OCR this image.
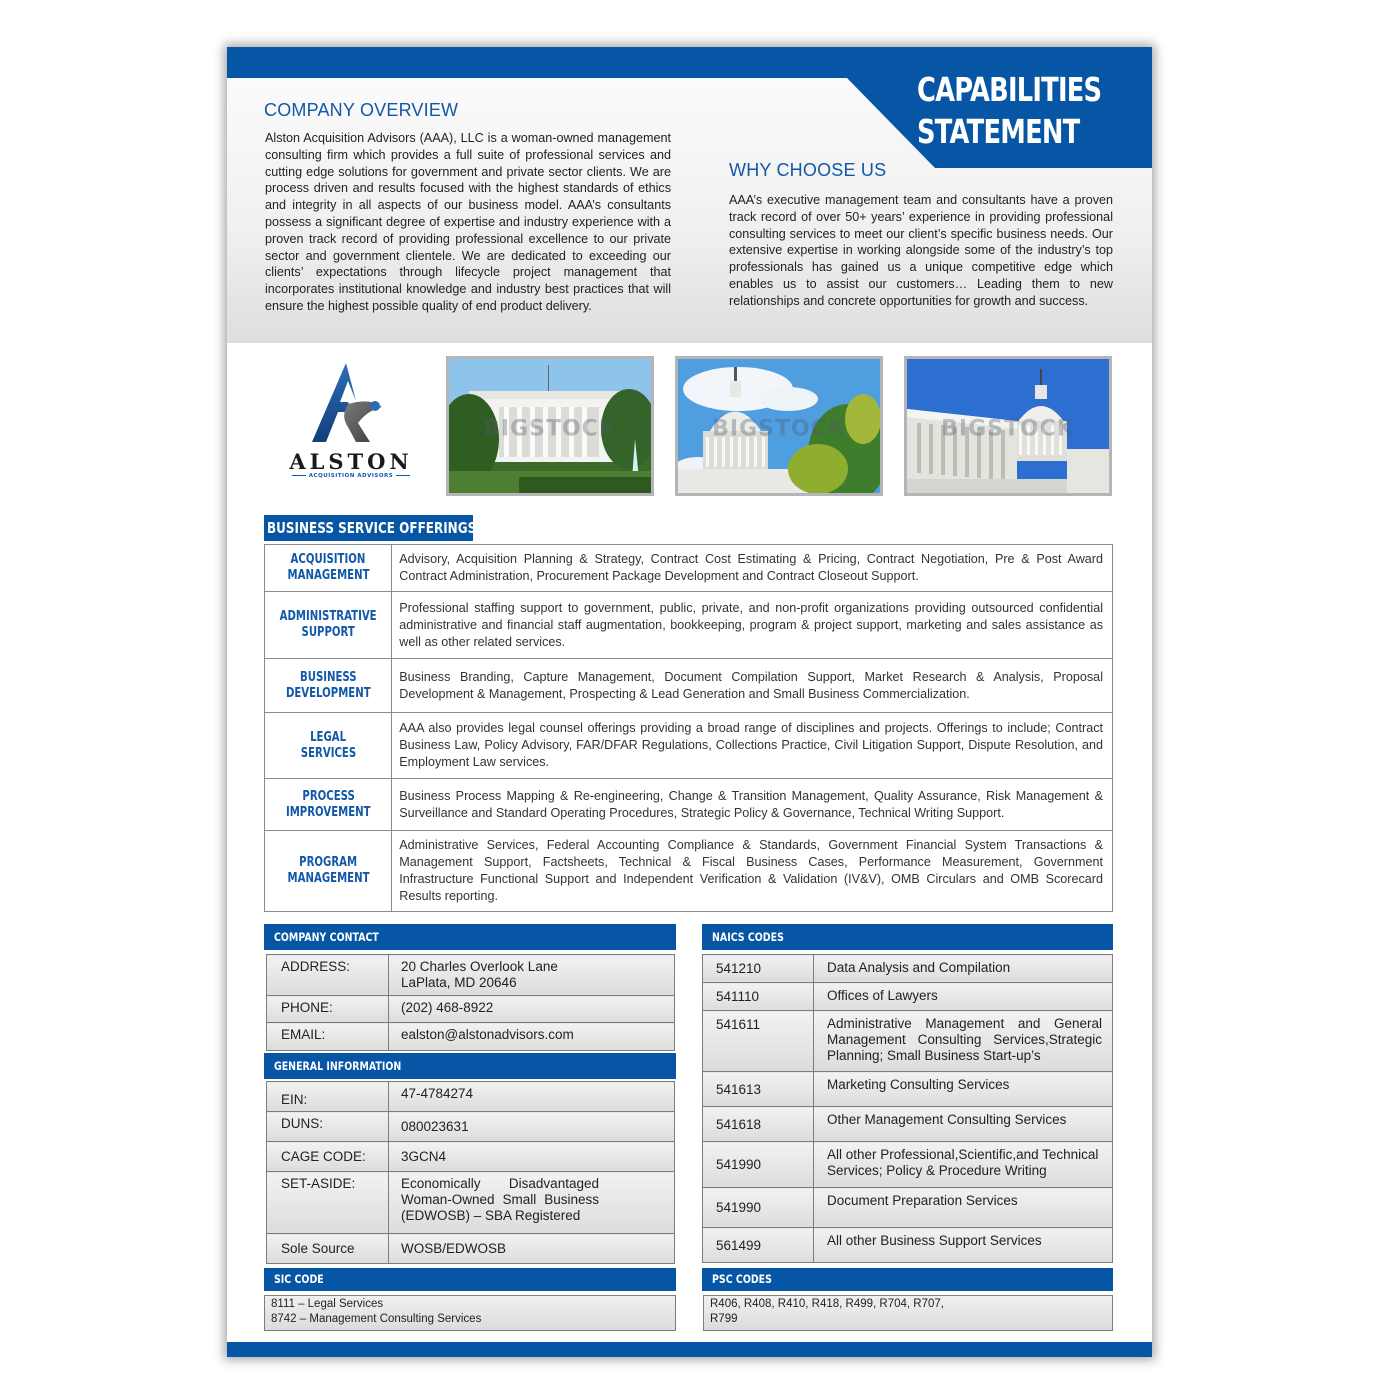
CAPABILITIES
STATEMENT
COMPANY OVERVIEW
Alston Acquisition Advisors (AAA), LLC is a woman-owned management consulting firm which provides a full suite of professional services and cutting edge solutions for government and private sector clients. We are process driven and results focused with the highest standards of ethics and integrity in all aspects of our business model. AAA’s consultants possess a significant degree of expertise and industry experience with a proven track record of providing professional excellence to our private sector and government clientele. We are dedicated to exceeding our clients’ expectations through lifecycle project management that incorporates institutional knowledge and industry best practices that will ensure the highest possible quality of end product delivery.
WHY CHOOSE US
AAA’s executive management team and consultants have a proven track record of over 50+ years’ experience in providing professional consulting services to meet our client’s specific business needs. Our extensive expertise in working alongside some of the industry’s top professionals has gained us a unique competitive edge which enables us to assist our customers… Leading them to new relationships and concrete opportunities for growth and success.
ALSTON
ACQUISITION ADVISORS
BIGSTOCK	BIGSTOCK	BIGSTOCK
BUSINESS SERVICE OFFERINGS
ACQUISITION
MANAGEMENT	Advisory, Acquisition Planning & Strategy, Contract Cost Estimating & Pricing, Contract Negotiation, Pre & Post Award Contract Administration, Procurement Package Development and Contract Closeout Support.
ADMINISTRATIVE
SUPPORT	Professional staffing support to government, public, private, and non-profit organizations providing outsourced confidential administrative and financial staff augmentation, bookkeeping, program & project support, marketing and sales assistance as well as other related services.
BUSINESS
DEVELOPMENT	Business Branding, Capture Management, Document Compilation Support, Market Research & Analysis, Proposal Development & Management, Prospecting & Lead Generation and Small Business Commercialization.
LEGAL
SERVICES	AAA also provides legal counsel offerings providing a broad range of disciplines and projects. Offerings to include; Contract Business Law, Policy Advisory, FAR/DFAR Regulations, Collections Practice, Civil Litigation Support, Dispute Resolution, and Employment Law services.
PROCESS
IMPROVEMENT	Business Process Mapping & Re-engineering, Change & Transition Management, Quality Assurance, Risk Management & Surveillance and Standard Operating Procedures, Strategic Policy & Governance, Technical Writing Support.
PROGRAM
MANAGEMENT	Administrative Services, Federal Accounting Compliance & Standards, Government Financial System Transactions & Management Support, Factsheets, Technical & Fiscal Business Cases, Performance Measurement, Government Infrastructure Functional Support and Independent Verification & Validation (IV&V), OMB Circulars and OMB Scorecard Results reporting.
COMPANY CONTACT
ADDRESS:	20 Charles Overlook Lane
LaPlata, MD 20646
PHONE:	(202) 468-8922
EMAIL:	ealston@alstonadvisors.com
GENERAL INFORMATION
EIN:	47-4784274
DUNS:	080023631
CAGE CODE:	3GCN4
SET-ASIDE:	Economically Disadvantaged Woman-Owned Small Business (EDWOSB) – SBA Registered
Sole Source	WOSB/EDWOSB
NAICS CODES
541210	Data Analysis and Compilation
541110	Offices of Lawyers
541611	Administrative Management and General Management Consulting Services,Strategic Planning; Small Business Start-up’s
541613	Marketing Consulting Services
541618	Other Management Consulting Services
541990	All other Professional,Scientific,and Technical Services; Policy & Procedure Writing
541990	Document Preparation Services
561499	All other Business Support Services
SIC CODE
8111 – Legal Services
8742 – Management Consulting Services
PSC CODES
R406, R408, R410, R418, R499, R704, R707,
R799
